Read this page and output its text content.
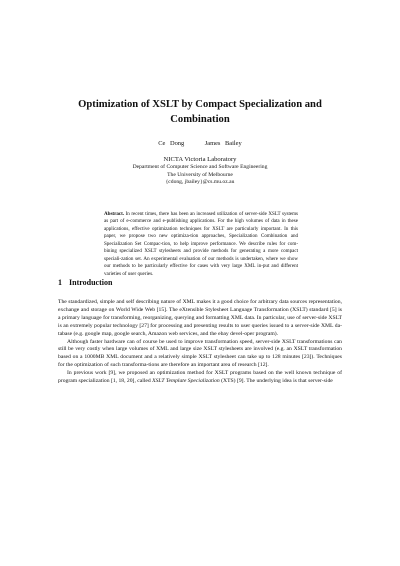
Optimization of XSLT by Compact Specialization and Combination
Ce Dong	James Bailey
NICTA Victoria Laboratory
Department of Computer Science and Software Engineering
The University of Melbourne
{cdong, jbailey}@cs.mu.oz.au
Abstract. In recent times, there has been an increased utilization of server-side XSLT systems as part of e-commerce and e-publishing applications. For the high volumes of data in these applications, effective optimization techniques for XSLT are particularly important. In this paper, we propose two new optimiza-tion approaches, Specialization Combination and Specialization Set Compac-tion, to help improve performance. We describe rules for com-bining specialized XSLT stylesheets and provide methods for generating a more compact speciali-zation set. An experimental evaluation of our methods is undertaken, where we show our methods to be particularly effective for cases with very large XML in-put and different varieties of user queries.
1 Introduction

The standardized, simple and self describing nature of XML makes it a good choice for arbitrary data sources representation, exchange and storage on World Wide Web [15]. The eXtensible Stylesheet Language Transformation (XSLT) standard [5] is a primary language for transforming, reorganizing, querying and formatting XML data. In particular, use of server-side XSLT is an extremely popular technology [27] for processing and presenting results to user queries issued to a server-side XML da-tabase (e.g. google map, google search, Amazon web services, and the ebay devel-oper program).

Although faster hardware can of course be used to improve transformation speed, server-side XSLT transformations can still be very costly when large volumes of XML and large size XSLT stylesheets are involved (e.g. an XSLT transformation based on a 1000MB XML document and a relatively simple XSLT stylesheet can take up to 128 minutes [23]). Techniques for the optimization of such transforma-tions are therefore an important area of research [12].

In previous work [9], we proposed an optimization method for XSLT programs based on the well known technique of program specialization [1, 18, 20], called XSLT Template Specialization (XTS) [9]. The underlying idea is that server-side
